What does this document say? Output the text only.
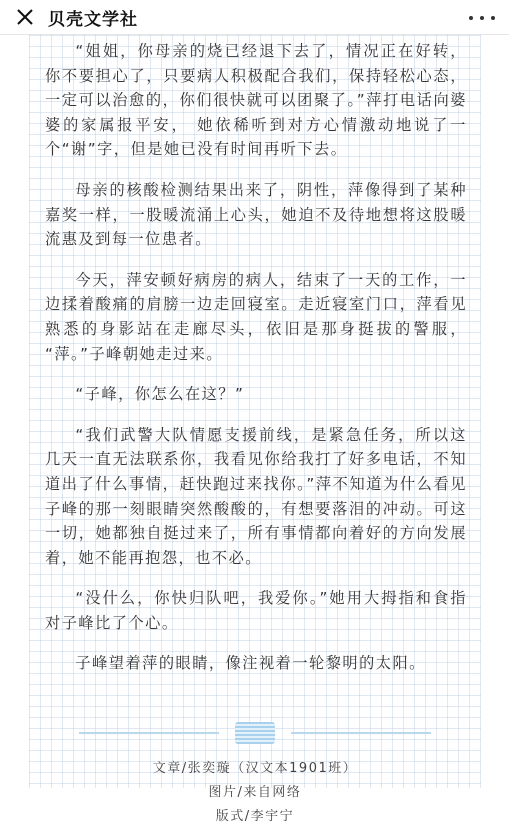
贝壳文学社

“姐姐，你母亲的烧已经退下去了，情况正在好转，你不要担心了，只要病人积极配合我们，保持轻松心态，一定可以治愈的，你们很快就可以团聚了。”萍打电话向婆婆的家属报平安， 她依稀听到对方心情激动地说了一个“谢”字，但是她已没有时间再听下去。

母亲的核酸检测结果出来了，阴性，萍像得到了某种嘉奖一样，一股暖流涌上心头，她迫不及待地想将这股暖流惠及到每一位患者。

今天，萍安顿好病房的病人，结束了一天的工作，一边揉着酸痛的肩膀一边走回寝室。走近寝室门口，萍看见熟悉的身影站在走廊尽头，依旧是那身挺拔的警服， “萍。”子峰朝她走过来。

“子峰，你怎么在这？”

“我们武警大队情愿支援前线，是紧急任务，所以这几天一直无法联系你，我看见你给我打了好多电话，不知道出了什么事情，赶快跑过来找你。”萍不知道为什么看见子峰的那一刻眼睛突然酸酸的，有想要落泪的冲动。可这一切，她都独自挺过来了，所有事情都向着好的方向发展着，她不能再抱怨，也不必。

“没什么，你快归队吧，我爱你。”她用大拇指和食指对子峰比了个心。

子峰望着萍的眼睛，像注视着一轮黎明的太阳。

文章/张奕璇（汉文本1901班）
图片/来自网络
版式/李宇宁
